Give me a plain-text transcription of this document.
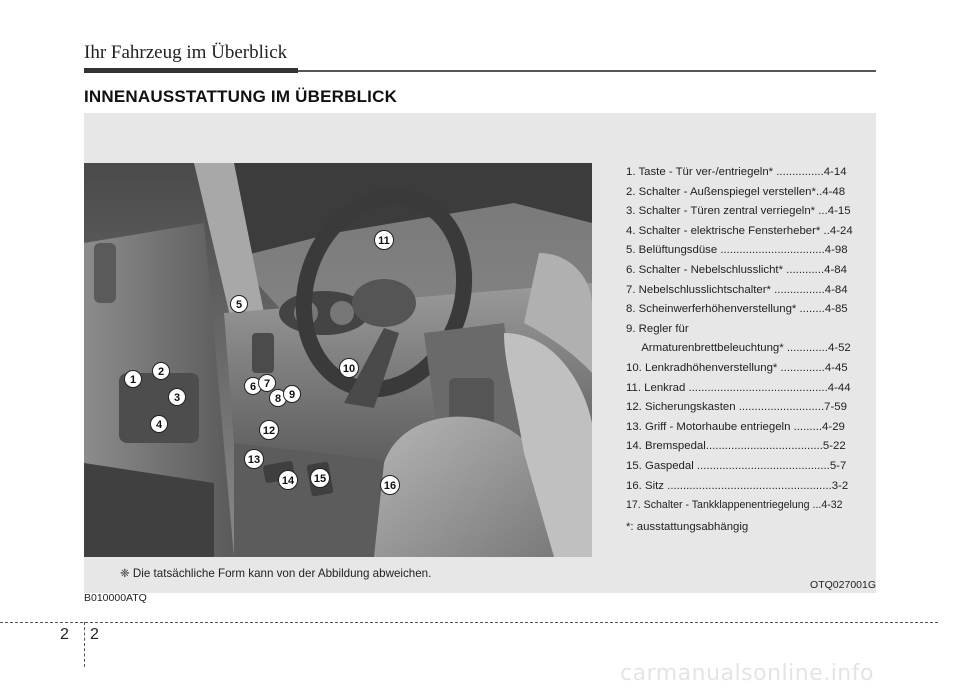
Ihr Fahrzeug im Überblick
INNENAUSSTATTUNG IM ÜBERBLICK
1
2
3
4
5
6 7
8 9
10
11
12
13
14 15
16
1. Taste - Tür ver-/entriegeln* ...............4-14
2. Schalter - Außenspiegel verstellen*..4-48
3. Schalter - Türen zentral verriegeln* ...4-15
4. Schalter - elektrische Fensterheber* ..4-24
5. Belüftungsdüse .................................4-98
6. Schalter - Nebelschlusslicht* ............4-84
7. Nebelschlusslichtschalter* ................4-84
8. Scheinwerferhöhenverstellung* ........4-85
9. Regler für
Armaturenbrettbeleuchtung* .............4-52
10. Lenkradhöhenverstellung* ..............4-45
11. Lenkrad ............................................4-44
12. Sicherungskasten ...........................7-59
13. Griff - Motorhaube entriegeln .........4-29
14. Bremspedal.....................................5-22
15. Gaspedal ..........................................5-7
16. Sitz ....................................................3-2
17. Schalter - Tankklappenentriegelung ...4-32
*: ausstattungsabhängig
❈ Die tatsächliche Form kann von der Abbildung abweichen.
OTQ027001G
B010000ATQ
2 2
carmanualsonline.info
